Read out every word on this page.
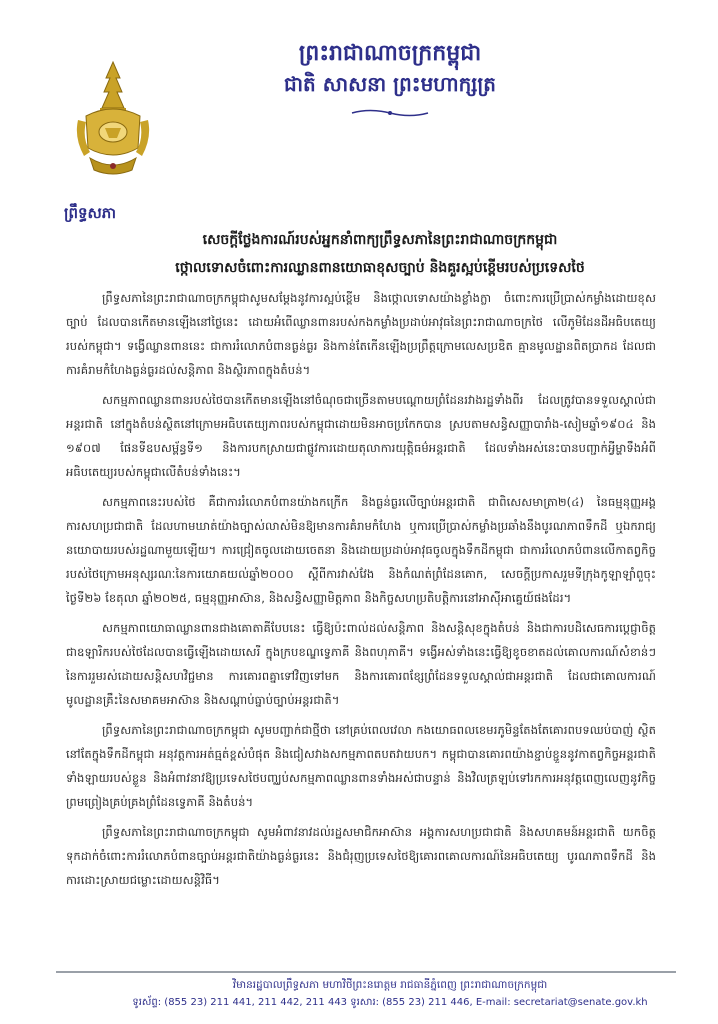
ព្រះរាជាណាចក្រកម្ពុជា
ជាតិ សាសនា ព្រះមហាក្សត្រ
ព្រឹទ្ធសភា
សេចក្តីថ្លែងការណ៍របស់អ្នកនាំពាក្យព្រឹទ្ធសភានៃព្រះរាជាណាចក្រកម្ពុជា
ថ្កោលទោសចំពោះការឈ្លានពានយោធាខុសច្បាប់ និងគួរស្អប់ខ្ពើមរបស់ប្រទេសថៃ

ព្រឹទ្ធសភានៃព្រះរាជាណាចក្រកម្ពុជាសូមសម្តែងនូវការស្អប់ខ្ពើម និងថ្កោលទោសយ៉ាងខ្លាំងក្លា ចំពោះការប្រើប្រាស់កម្លាំងដោយខុសច្បាប់ ដែលបានកើតមានឡើងនៅថ្ងៃនេះ ដោយអំពើឈ្លានពានរបស់កងកម្លាំងប្រដាប់អាវុធនៃព្រះរាជាណាចក្រថៃ លើភូមិដែនដីអធិបតេយ្យរបស់កម្ពុជា។ ទង្វើឈ្លានពាននេះ ជាការរំលោភបំពានធ្ងន់ធ្ងរ និងកាន់តែកើនឡើងប្រព្រឹត្តក្រោមលេសប្រឌិត គ្មានមូលដ្ឋានពិតប្រាកដ ដែលជាការគំរាមកំហែងធ្ងន់ធ្ងរដល់សន្តិភាព និងស្ថិរភាពក្នុងតំបន់។

សកម្មភាពឈ្លានពានរបស់ថៃបានកើតមានឡើងនៅចំណុចជាច្រើនតាមបណ្តោយព្រំដែនរវាងរដ្ឋទាំងពីរ ដែលត្រូវបានទទួលស្គាល់ជាអន្តរជាតិ នៅក្នុងតំបន់ស្ថិតនៅក្រោមអធិបតេយ្យភាពរបស់កម្ពុជាដោយមិនអាចប្រកែកបាន ស្របតាមសន្ធិសញ្ញាបារាំង-សៀមឆ្នាំ១៩០៤ និង ១៩០៧ ផែនទីឧបសម្ព័ន្ធទី១ និងការបកស្រាយជាផ្លូវការដោយតុលាការយុត្តិធម៌អន្តរជាតិ ដែលទាំងអស់នេះបានបញ្ជាក់អ្វីម្ហាទឹងអំពីអធិបតេយ្យរបស់កម្ពុជាលើតំបន់ទាំងនេះ។

សកម្មភាពនេះរបស់ថៃ គឺជាការរំលោភបំពានយ៉ាងកក្រើក និងធ្ងន់ធ្ងរលើច្បាប់អន្តរជាតិ ជាពិសេសមាត្រា២(៤) នៃធម្មនុញ្ញអង្គការសហប្រជាជាតិ ដែលហាមឃាត់យ៉ាងច្បាស់លាស់មិនឱ្យមានការគំរាមកំហែង ឬការប្រើប្រាស់កម្លាំងប្រឆាំងនឹងបូរណភាពទឹកដី ឬឯករាជ្យនយោបាយរបស់រដ្ឋណាមួយឡើយ។ ការជ្រៀតចូលដោយចេតនា និងដោយប្រដាប់អាវុធចូលក្នុងទឹកដីកម្ពុជា ជាការរំលោភបំពានលើកាតព្វកិច្ចរបស់ថៃក្រោមអនុស្សរណៈនៃការយោគយល់ឆ្នាំ២០០០ ស្តីពីការវាស់វែង និងកំណត់ព្រំដែនគោក, សេចក្តីប្រកាសរួមទីក្រុងកូឡាឡាំពួចុះថ្ងៃទី២៦ ខែតុលា ឆ្នាំ២០២៥, ធម្មនុញ្ញអាស៊ាន, និងសន្ធិសញ្ញាមិត្តភាព និងកិច្ចសហប្រតិបត្តិការនៅអាស៊ីអាគ្នេយ៍ផងដែរ។

សកម្មភាពយោធាឈ្លានពានជាងគោតាគីបែបនេះ ធ្វើឱ្យប៉ះពាល់ដល់សន្តិភាព និងសន្តិសុខក្នុងតំបន់ និងជាការបដិសេធការប្តេជ្ញាចិត្តជាឧឡារិករបស់ថៃដែលបានធ្វើឡើងដោយសេរី ក្នុងក្របខណ្ឌទ្វេភាគី និងពហុភាគី។ ទង្វើអស់ទាំងនេះធ្វើឱ្យខូចខាតដល់គោលការណ៍សំខាន់ៗនៃការរួមរស់ដោយសន្តិសហវិជ្ជមាន ការគោរពគ្នាទៅវិញទៅមក និងការគោរពខ្សែព្រំដែនទទួលស្គាល់ជាអន្តរជាតិ ដែលជាគោលការណ៍មូលដ្ឋានគ្រឹះនៃសមាគមអាស៊ាន និងសណ្តាប់ធ្នាប់ច្បាប់អន្តរជាតិ។

ព្រឹទ្ធសភានៃព្រះរាជាណាចក្រកម្ពុជា សូមបញ្ជាក់ជាថ្មីថា នៅគ្រប់ពេលវេលា កងយោធពលខេមរភូមិន្ទតែងតែគោរពបទឈប់បាញ់ ស្ថិតនៅតែក្នុងទឹកដីកម្ពុជា អនុវត្តការអត់ធ្មត់ខ្ពស់បំផុត និងជៀសវាងសកម្មភាពតបតវាយបក។ កម្ពុជាបានគោរពយ៉ាងខ្ជាប់ខ្ជួននូវកាតព្វកិច្ចអន្តរជាតិទាំងឡាយរបស់ខ្លួន និងអំពាវនាវឱ្យប្រទេសថៃបញ្ឈប់សកម្មភាពឈ្លានពានទាំងអស់ជាបន្ទាន់ និងវិលត្រឡប់ទៅរកការអនុវត្តពេញលេញនូវកិច្ចព្រមព្រៀងគ្រប់គ្រងព្រំដែនទ្វេភាគី និងតំបន់។

ព្រឹទ្ធសភានៃព្រះរាជាណាចក្រកម្ពុជា សូមអំពាវនាវដល់រដ្ឋសមាជិកអាស៊ាន អង្គការសហប្រជាជាតិ និងសហគមន៍អន្តរជាតិ យកចិត្តទុកដាក់ចំពោះការរំលោភបំពានច្បាប់អន្តរជាតិយ៉ាងធ្ងន់ធ្ងរនេះ និងជំរុញប្រទេសថៃឱ្យគោរពគោលការណ៍នៃអធិបតេយ្យ បូរណភាពទឹកដី និងការដោះស្រាយជម្លោះដោយសន្តិវិធី។

វិមានរដ្ឋបាលព្រឹទ្ធសភា មហាវិថីព្រះនរោត្តម រាជធានីភ្នំពេញ ព្រះរាជាណាចក្រកម្ពុជា
ទូរស័ព្ទ: (855 23) 211 441, 211 442, 211 443 ទូរសារ: (855 23) 211 446, E-mail: secretariat@senate.gov.kh
